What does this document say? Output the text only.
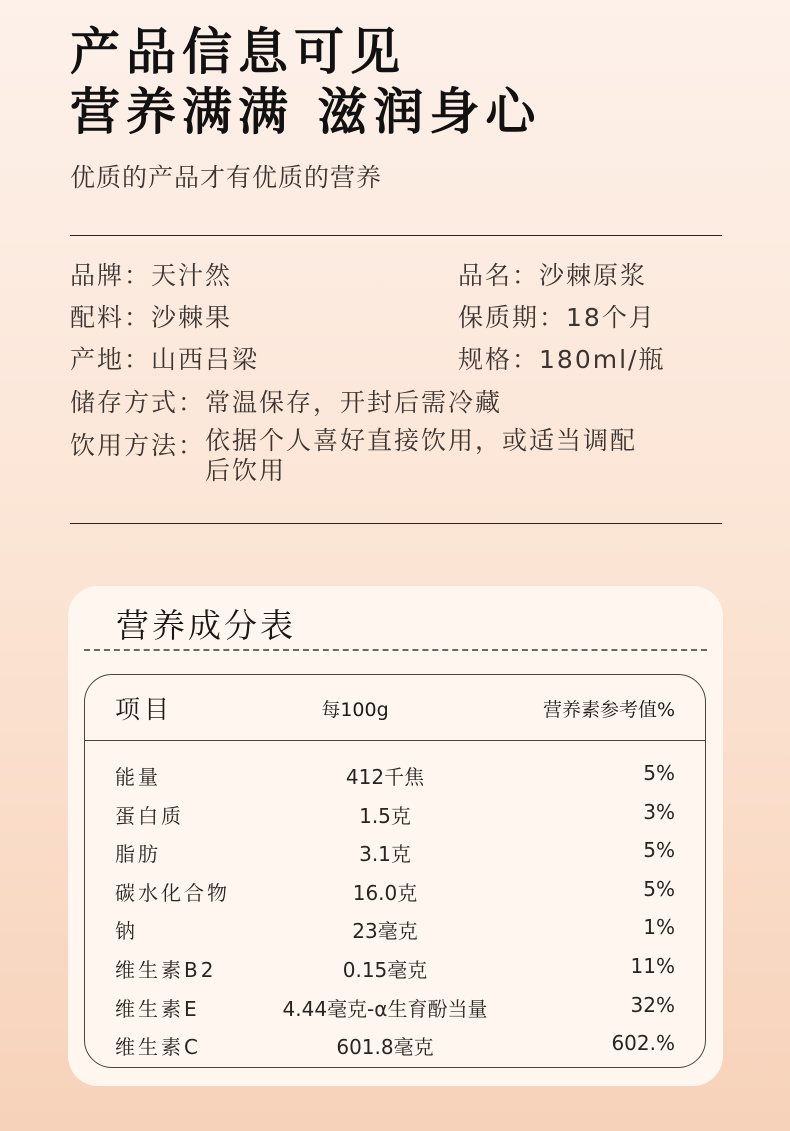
产品信息可见
营养满满 滋润身心
优质的产品才有优质的营养
品牌：天汁然	品名：沙棘原浆
配料：沙棘果	保质期：18个月
产地：山西吕梁	规格：180ml/瓶
储存方式：常温保存，开封后需冷藏
饮用方法：依据个人喜好直接饮用，或适当调配后饮用
营养成分表
项目	每100g	营养素参考值%
能量	412千焦	5%
蛋白质	1.5克	3%
脂肪	3.1克	5%
碳水化合物	16.0克	5%
钠	23毫克	1%
维生素B2	0.15毫克	11%
维生素E	4.44毫克-α生育酚当量	32%
维生素C	601.8毫克	602.%
